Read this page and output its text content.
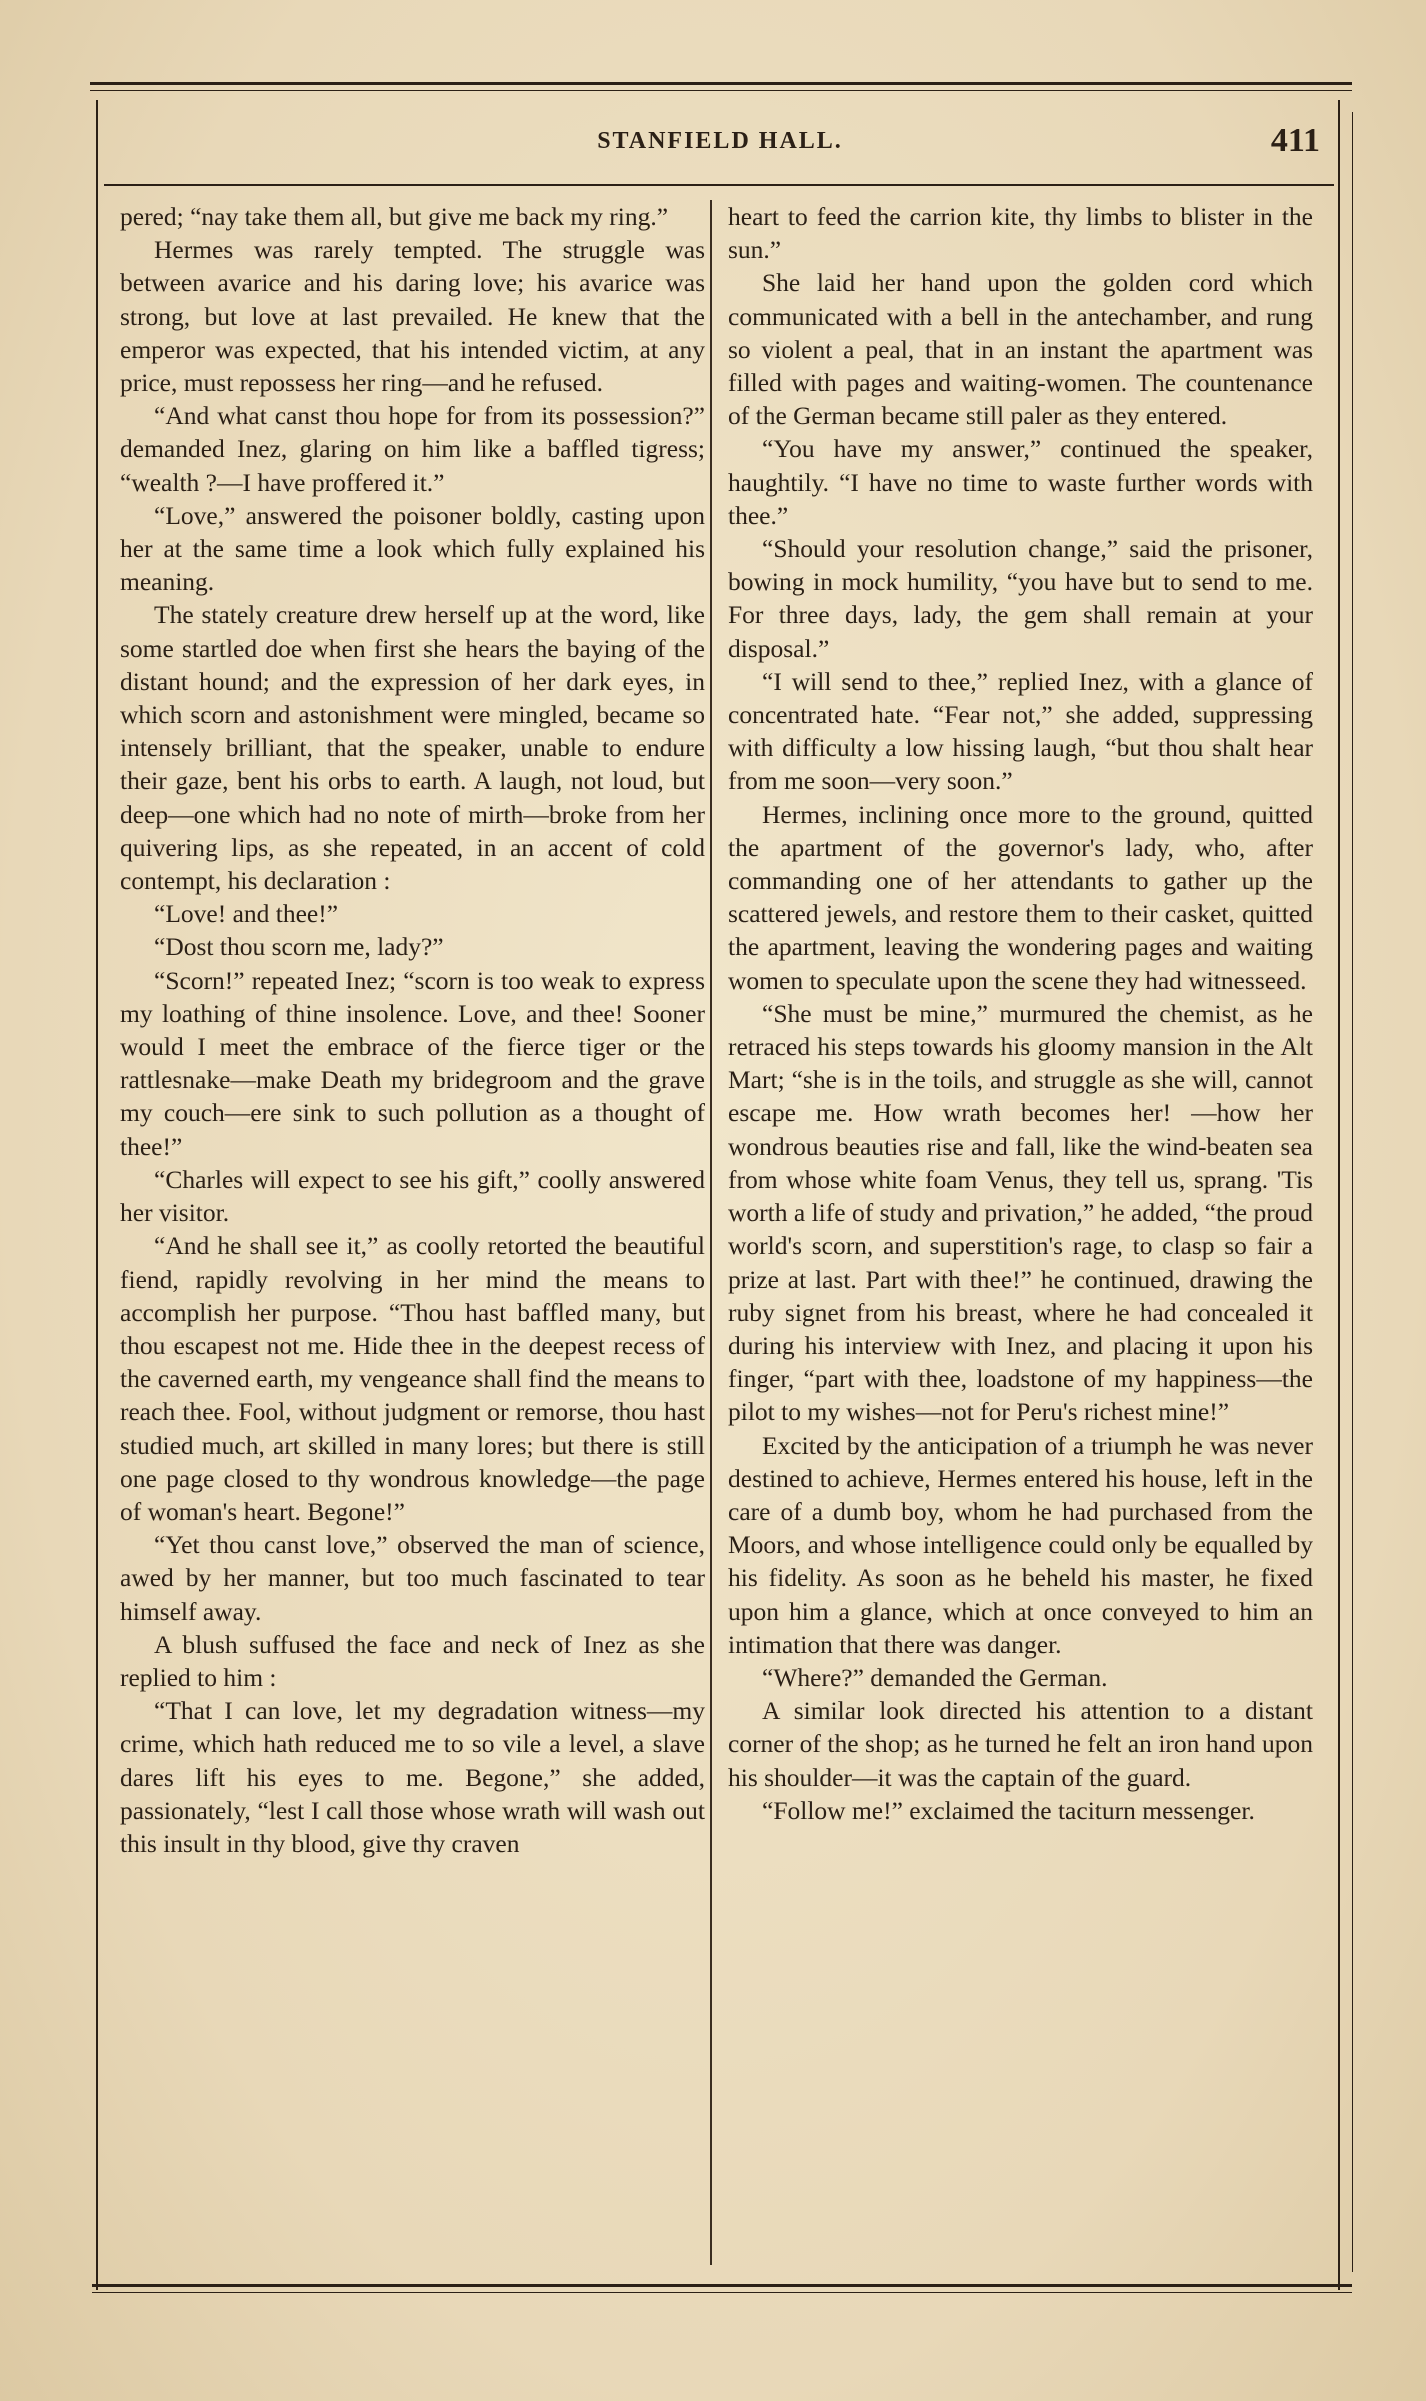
STANFIELD HALL.	411

pered; “nay take them all, but give me back my ring.”

Hermes was rarely tempted. The struggle was between avarice and his daring love; his avarice was strong, but love at last prevailed. He knew that the emperor was expected, that his intended victim, at any price, must repossess her ring—and he refused.

“And what canst thou hope for from its possession?” demanded Inez, glaring on him like a baffled tigress; “wealth ?—I have proffered it.”

“Love,” answered the poisoner boldly, casting upon her at the same time a look which fully explained his meaning.

The stately creature drew herself up at the word, like some startled doe when first she hears the baying of the distant hound; and the expression of her dark eyes, in which scorn and astonishment were mingled, became so intensely brilliant, that the speaker, unable to endure their gaze, bent his orbs to earth. A laugh, not loud, but deep—one which had no note of mirth—broke from her quivering lips, as she repeated, in an accent of cold contempt, his declaration :

“Love! and thee!”

“Dost thou scorn me, lady?”

“Scorn!” repeated Inez; “scorn is too weak to express my loathing of thine insolence. Love, and thee! Sooner would I meet the embrace of the fierce tiger or the rattlesnake—make Death my bridegroom and the grave my couch—ere sink to such pollution as a thought of thee!”

“Charles will expect to see his gift,” coolly answered her visitor.

“And he shall see it,” as coolly retorted the beautiful fiend, rapidly revolving in her mind the means to accomplish her purpose. “Thou hast baffled many, but thou escapest not me. Hide thee in the deepest recess of the caverned earth, my vengeance shall find the means to reach thee. Fool, without judgment or remorse, thou hast studied much, art skilled in many lores; but there is still one page closed to thy wondrous knowledge—the page of woman's heart. Begone!”

“Yet thou canst love,” observed the man of science, awed by her manner, but too much fascinated to tear himself away.

A blush suffused the face and neck of Inez as she replied to him :

“That I can love, let my degradation witness—my crime, which hath reduced me to so vile a level, a slave dares lift his eyes to me. Begone,” she added, passionately, “lest I call those whose wrath will wash out this insult in thy blood, give thy craven

heart to feed the carrion kite, thy limbs to blister in the sun.”

She laid her hand upon the golden cord which communicated with a bell in the antechamber, and rung so violent a peal, that in an instant the apartment was filled with pages and waiting-women. The countenance of the German became still paler as they entered.

“You have my answer,” continued the speaker, haughtily. “I have no time to waste further words with thee.”

“Should your resolution change,” said the prisoner, bowing in mock humility, “you have but to send to me. For three days, lady, the gem shall remain at your disposal.”

“I will send to thee,” replied Inez, with a glance of concentrated hate. “Fear not,” she added, suppressing with difficulty a low hissing laugh, “but thou shalt hear from me soon—very soon.”

Hermes, inclining once more to the ground, quitted the apartment of the governor's lady, who, after commanding one of her attendants to gather up the scattered jewels, and restore them to their casket, quitted the apartment, leaving the wondering pages and waiting women to speculate upon the scene they had witnesseed.

“She must be mine,” murmured the chemist, as he retraced his steps towards his gloomy mansion in the Alt Mart; “she is in the toils, and struggle as she will, cannot escape me. How wrath becomes her! —how her wondrous beauties rise and fall, like the wind-beaten sea from whose white foam Venus, they tell us, sprang. 'Tis worth a life of study and privation,” he added, “the proud world's scorn, and superstition's rage, to clasp so fair a prize at last. Part with thee!” he continued, drawing the ruby signet from his breast, where he had concealed it during his interview with Inez, and placing it upon his finger, “part with thee, loadstone of my happiness—the pilot to my wishes—not for Peru's richest mine!”

Excited by the anticipation of a triumph he was never destined to achieve, Hermes entered his house, left in the care of a dumb boy, whom he had purchased from the Moors, and whose intelligence could only be equalled by his fidelity. As soon as he beheld his master, he fixed upon him a glance, which at once conveyed to him an intimation that there was danger.

“Where?” demanded the German.

A similar look directed his attention to a distant corner of the shop; as he turned he felt an iron hand upon his shoulder—it was the captain of the guard.

“Follow me!” exclaimed the taciturn messenger.
